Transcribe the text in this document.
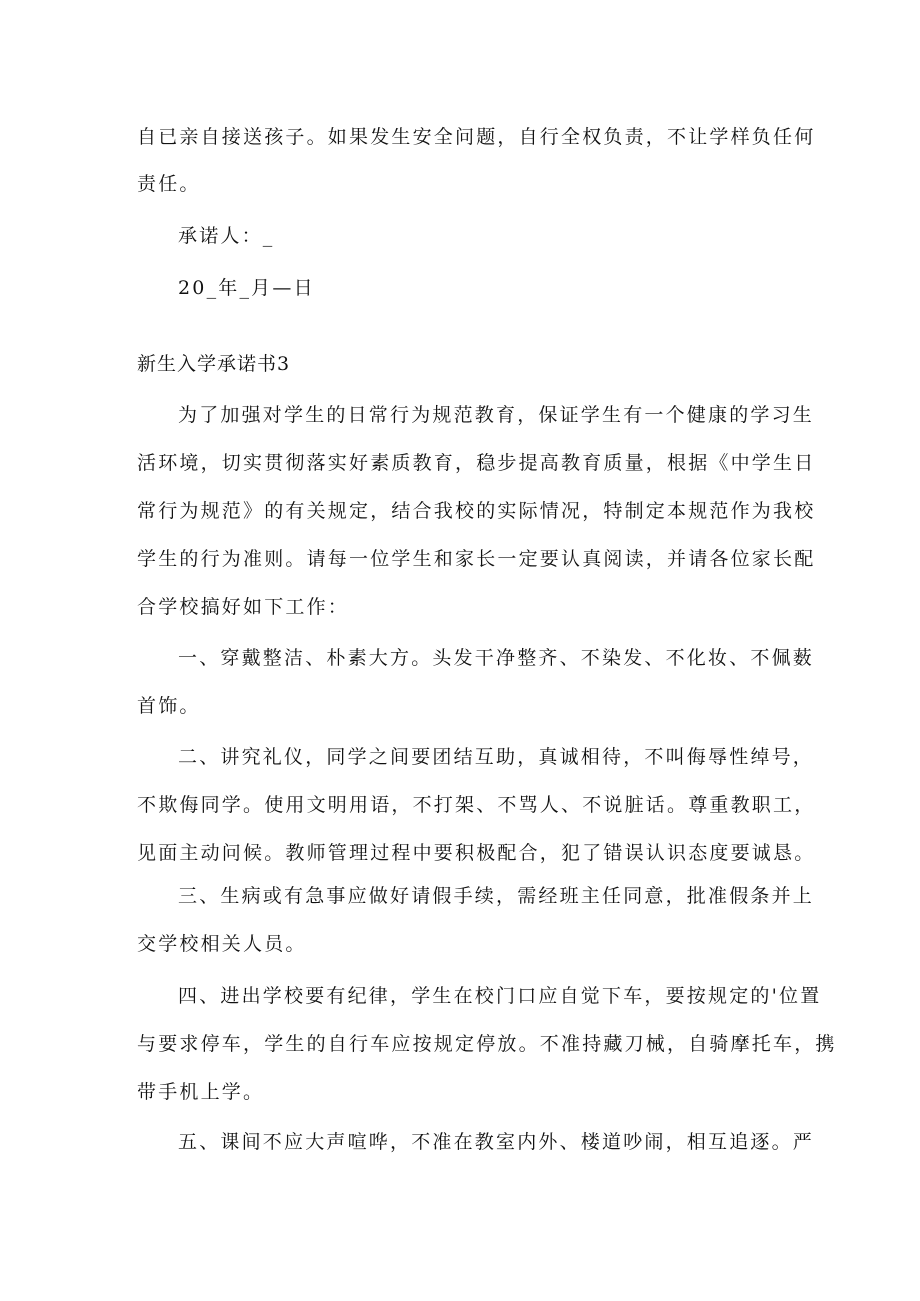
自已亲自接送孩子。如果发生安全问题，自行全权负责，不让学样负任何
责任。
承诺人：_
20_年_月—日
新生入学承诺书3
为了加强对学生的日常行为规范教育，保证学生有一个健康的学习生
活环境，切实贯彻落实好素质教育，稳步提高教育质量，根据《中学生日
常行为规范》的有关规定，结合我校的实际情况，特制定本规范作为我校
学生的行为准则。请每一位学生和家长一定要认真阅读，并请各位家长配
合学校搞好如下工作：
一、穿戴整洁、朴素大方。头发干净整齐、不染发、不化妆、不佩薮
首饰。
二、讲究礼仪，同学之间要团结互助，真诚相待，不叫侮辱性绰号，
不欺侮同学。使用文明用语，不打架、不骂人、不说脏话。尊重教职工，
见面主动问候。教师管理过程中要积极配合，犯了错误认识态度要诚恳。
三、生病或有急事应做好请假手续，需经班主任同意，批准假条并上
交学校相关人员。
四、进出学校要有纪律，学生在校门口应自觉下车，要按规定的'位置
与要求停车，学生的自行车应按规定停放。不准持藏刀械，自骑摩托车，携
带手机上学。
五、课间不应大声喧哗，不准在教室内外、楼道吵闹，相互追逐。严
